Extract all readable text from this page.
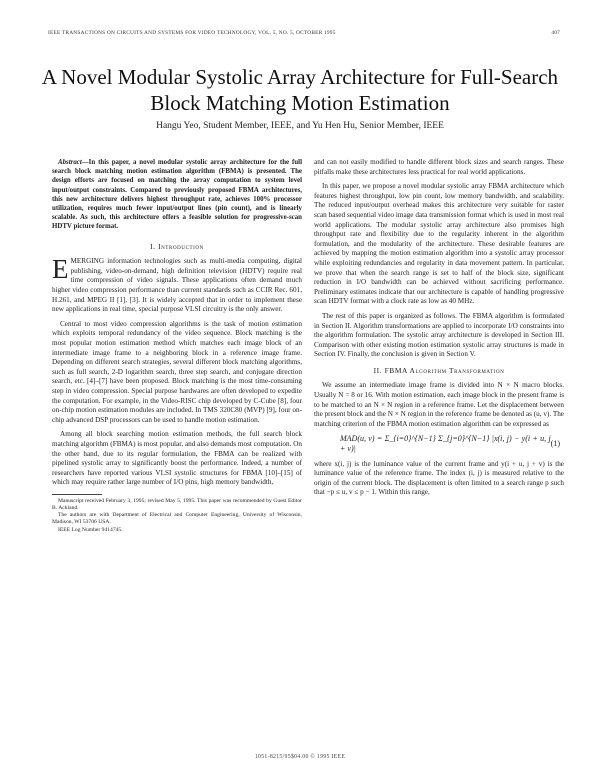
IEEE TRANSACTIONS ON CIRCUITS AND SYSTEMS FOR VIDEO TECHNOLOGY, VOL. 5, NO. 5, OCTOBER 1995	407
A Novel Modular Systolic Array Architecture for Full-Search Block Matching Motion Estimation
Hangu Yeo, Student Member, IEEE, and Yu Hen Hu, Senior Member, IEEE

Abstract—In this paper, a novel modular systolic array architecture for the full search block matching motion estimation algorithm (FBMA) is presented. The design efforts are focused on matching the array computation to system level input/output constraints. Compared to previously proposed FBMA architectures, this new architecture delivers highest throughput rate, achieves 100% processor utilization, requires much fewer input/output lines (pin count), and is linearly scalable. As such, this architecture offers a feasible solution for progressive-scan HDTV picture format.

I. Introduction

EMERGING information technologies such as multi-media computing, digital publishing, video-on-demand, high definition television (HDTV) require real time compression of video signals. These applications often demand much higher video compression performance than current standards such as CCIR Rec. 601, H.261, and MPEG II [1], [3]. It is widely accepted that in order to implement these new applications in real time, special purpose VLSI circuitry is the only answer.

Central to most video compression algorithms is the task of motion estimation which exploits temporal redundancy of the video sequence. Block matching is the most popular motion estimation method which matches each image block of an intermediate image frame to a neighboring block in a reference image frame. Depending on different search strategies, several different block matching algorithms, such as full search, 2-D logarithm search, three step search, and conjugate direction search, etc. [4]–[7] have been proposed. Block matching is the most time-consuming step in video compression. Special purpose hardwares are often developed to expedite the computation. For example, in the Video-RISC chip developed by C-Cube [8], four on-chip motion estimation modules are included. In TMS 320C80 (MVP) [9], four on-chip advanced DSP processors can be used to handle motion estimation.

Among all block searching motion estimation methods, the full search block matching algorithm (FBMA) is most popular, and also demands most computation. On the other hand, due to its regular formulation, the FBMA can be realized with pipelined systolic array to significantly boost the performance. Indeed, a number of researchers have reported various VLSI systolic structures for FBMA [10]–[15] of which may require rather large number of I/O pins, high memory bandwidth,

Manuscript received February 3, 1995; revised May 5, 1995. This paper was recommended by Guest Editor B. Ackland.

The authors are with Department of Electrical and Computer Engineering, University of Wisconsin, Madison, WI 53706 USA.

IEEE Log Number 9414745.

and can not easily modified to handle different block sizes and search ranges. These pitfalls make these architectures less practical for real world applications.

In this paper, we propose a novel modular systolic array FBMA architecture which features highest throughput, low pin count, low memory bandwidth, and scalability. The reduced input/output overhead makes this architecture very suitable for raster scan based sequential video image data transmission format which is used in most real world applications. The modular systolic array architecture also promises high throughput rate and flexibility due to the regularity inherent in the algorithm formulation, and the modularity of the architecture. These desirable features are achieved by mapping the motion estimation algorithm into a systolic array processor while exploiting redundancies and regularity in data movement pattern. In particular, we prove that when the search range is set to half of the block size, significant reduction in I/O bandwidth can be achieved without sacrificing performance. Preliminary estimates indicate that our architecture is capable of handling progressive scan HDTV format with a clock rate as low as 40 MHz.

The rest of this paper is organized as follows. The FBMA algorithm is formulated in Section II. Algorithm transformations are applied to incorporate I/O constraints into the algorithm formulation. The systolic array architecture is developed in Section III. Comparison with other existing motion estimation systolic array structures is made in Section IV. Finally, the conclusion is given in Section V.

II. FBMA Algorithm Transformation

We assume an intermediate image frame is divided into N × N macro blocks. Usually N = 8 or 16. With motion estimation, each image block in the present frame is to be matched to an N × N region in a reference frame. Let the displacement between the present block and the N × N region in the reference frame be denoted as (u, v). The matching criterion of the FBMA motion estimation algorithm can be expressed as

MAD(u, v) = Σ_{i=0}^{N−1} Σ_{j=0}^{N−1} |x(i, j) − y(i + u, j + v)|
(1)

where x(i, j) is the luminance value of the current frame and y(i + u, j + v) is the luminance value of the reference frame. The index (i, j) is measured relative to the origin of the current block. The displacement is often limited to a search range p such that −p ≤ u, v ≤ p − 1. Within this range,

1051-8215/95$04.00 © 1995 IEEE
